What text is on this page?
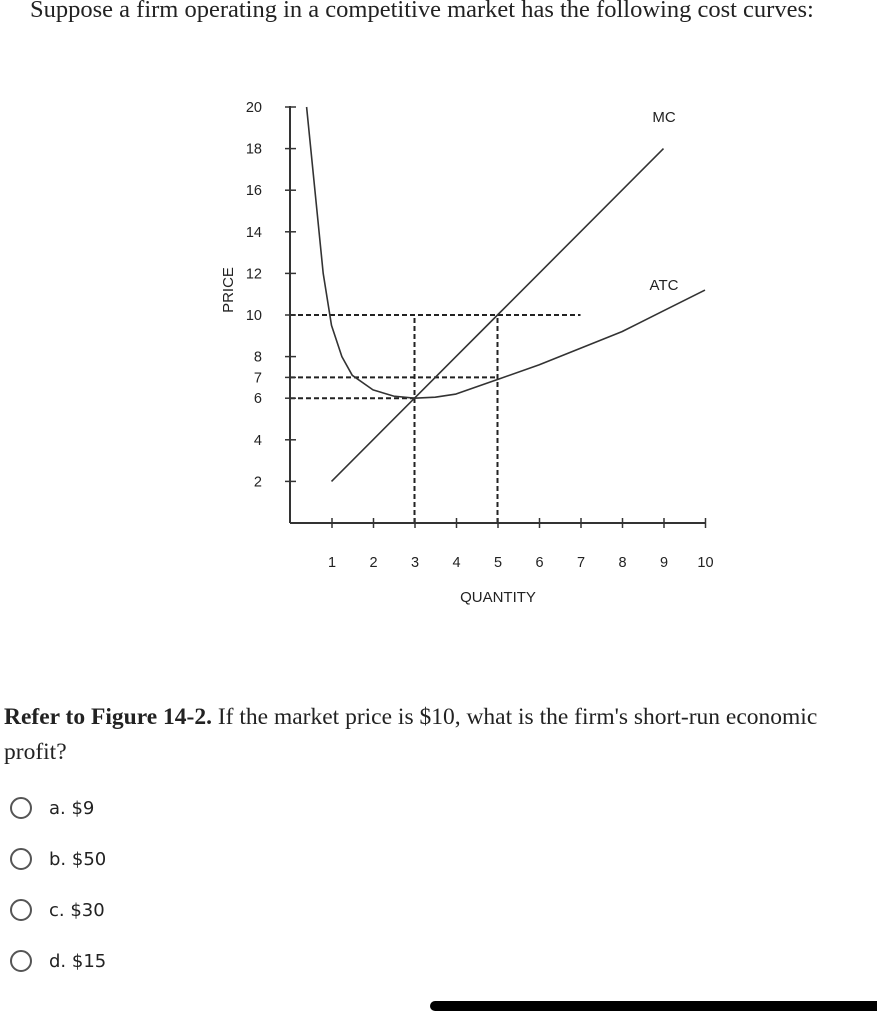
Suppose a firm operating in a competitive market has the following cost curves:

2
4
6
7
8
10
12
14
16
18
20
1 2 3 4 5 6 7 8 9 10
PRICE
QUANTITY
MC
ATC

Refer to Figure 14-2. If the market price is $10, what is the firm's short-run economic profit?

a. $9
b. $50
c. $30
d. $15
